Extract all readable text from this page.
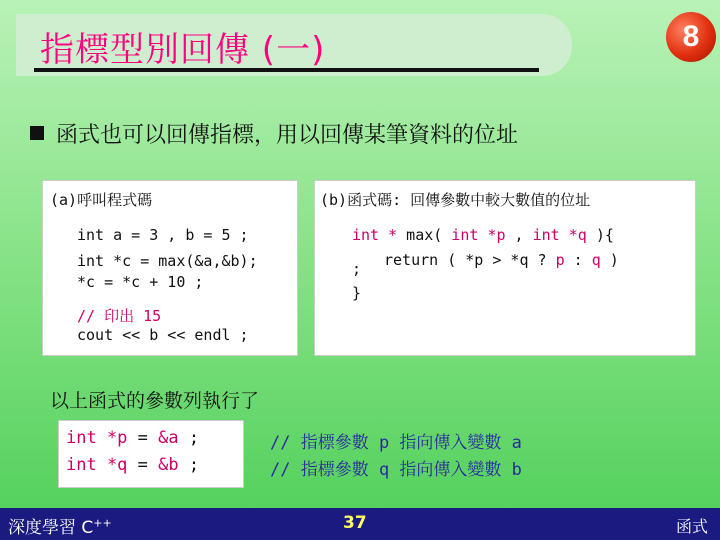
指標型別回傳 (一)	8
函式也可以回傳指標，用以回傳某筆資料的位址
(a)呼叫程式碼
int a = 3 , b = 5 ;
int *c = max(&a,&b);
*c = *c + 10 ;
// 印出 15
cout << b << endl ;
(b)函式碼: 回傳參數中較大數值的位址
int * max( int *p , int *q ){
; return ( *p > *q ? p : q )
}
以上函式的參數列執行了
int *p = &a ;
int *q = &b ;
// 指標參數 p 指向傳入變數 a
// 指標參數 q 指向傳入變數 b
深度學習 C++	37	函式
